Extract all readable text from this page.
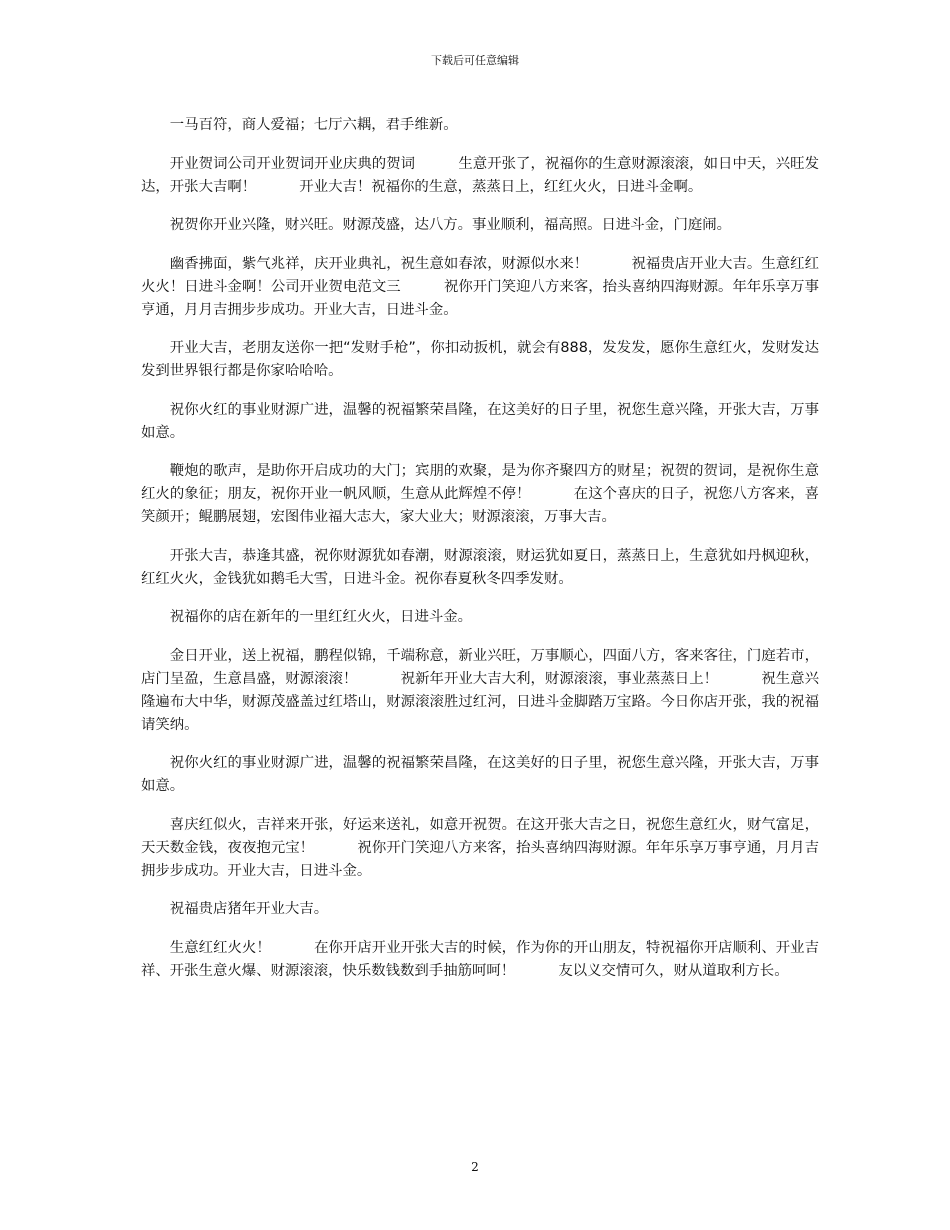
下载后可任意编辑

一马百符，商人爱福；七厅六耦，君手维新。

开业贺词公司开业贺词开业庆典的贺词　　　生意开张了，祝福你的生意财源滚滚，如日中天，兴旺发达，开张大吉啊！　　　开业大吉！祝福你的生意，蒸蒸日上，红红火火，日进斗金啊。

祝贺你开业兴隆，财兴旺。财源茂盛，达八方。事业顺利，福高照。日进斗金，门庭闹。

幽香拂面，紫气兆祥，庆开业典礼，祝生意如春浓，财源似水来！　　　祝福贵店开业大吉。生意红红火火！日进斗金啊！公司开业贺电范文三　　　祝你开门笑迎八方来客，抬头喜纳四海财源。年年乐享万事亨通，月月吉拥步步成功。开业大吉，日进斗金。

开业大吉，老朋友送你一把“发财手枪”，你扣动扳机，就会有888，发发发，愿你生意红火，发财发达发到世界银行都是你家哈哈哈。

祝你火红的事业财源广进，温馨的祝福繁荣昌隆，在这美好的日子里，祝您生意兴隆，开张大吉，万事如意。

鞭炮的歌声，是助你开启成功的大门；宾朋的欢聚，是为你齐聚四方的财星；祝贺的贺词，是祝你生意红火的象征；朋友，祝你开业一帆风顺，生意从此辉煌不停！　　　在这个喜庆的日子，祝您八方客来，喜笑颜开；鲲鹏展翅，宏图伟业福大志大，家大业大；财源滚滚，万事大吉。

开张大吉，恭逢其盛，祝你财源犹如春潮，财源滚滚，财运犹如夏日，蒸蒸日上，生意犹如丹枫迎秋，红红火火，金钱犹如鹅毛大雪，日进斗金。祝你春夏秋冬四季发财。

祝福你的店在新年的一里红红火火，日进斗金。

金日开业，送上祝福，鹏程似锦，千端称意，新业兴旺，万事顺心，四面八方，客来客往，门庭若市，店门呈盈，生意昌盛，财源滚滚！　　　祝新年开业大吉大利，财源滚滚，事业蒸蒸日上！　　　祝生意兴隆遍布大中华，财源茂盛盖过红塔山，财源滚滚胜过红河，日进斗金脚踏万宝路。今日你店开张，我的祝福请笑纳。

祝你火红的事业财源广进，温馨的祝福繁荣昌隆，在这美好的日子里，祝您生意兴隆，开张大吉，万事如意。

喜庆红似火，吉祥来开张，好运来送礼，如意开祝贺。在这开张大吉之日，祝您生意红火，财气富足，天天数金钱，夜夜抱元宝！　　　祝你开门笑迎八方来客，抬头喜纳四海财源。年年乐享万事亨通，月月吉拥步步成功。开业大吉，日进斗金。

祝福贵店猪年开业大吉。

生意红红火火！　　　在你开店开业开张大吉的时候，作为你的开山朋友，特祝福你开店顺利、开业吉祥、开张生意火爆、财源滚滚，快乐数钱数到手抽筋呵呵！　　　友以义交情可久，财从道取利方长。

2
